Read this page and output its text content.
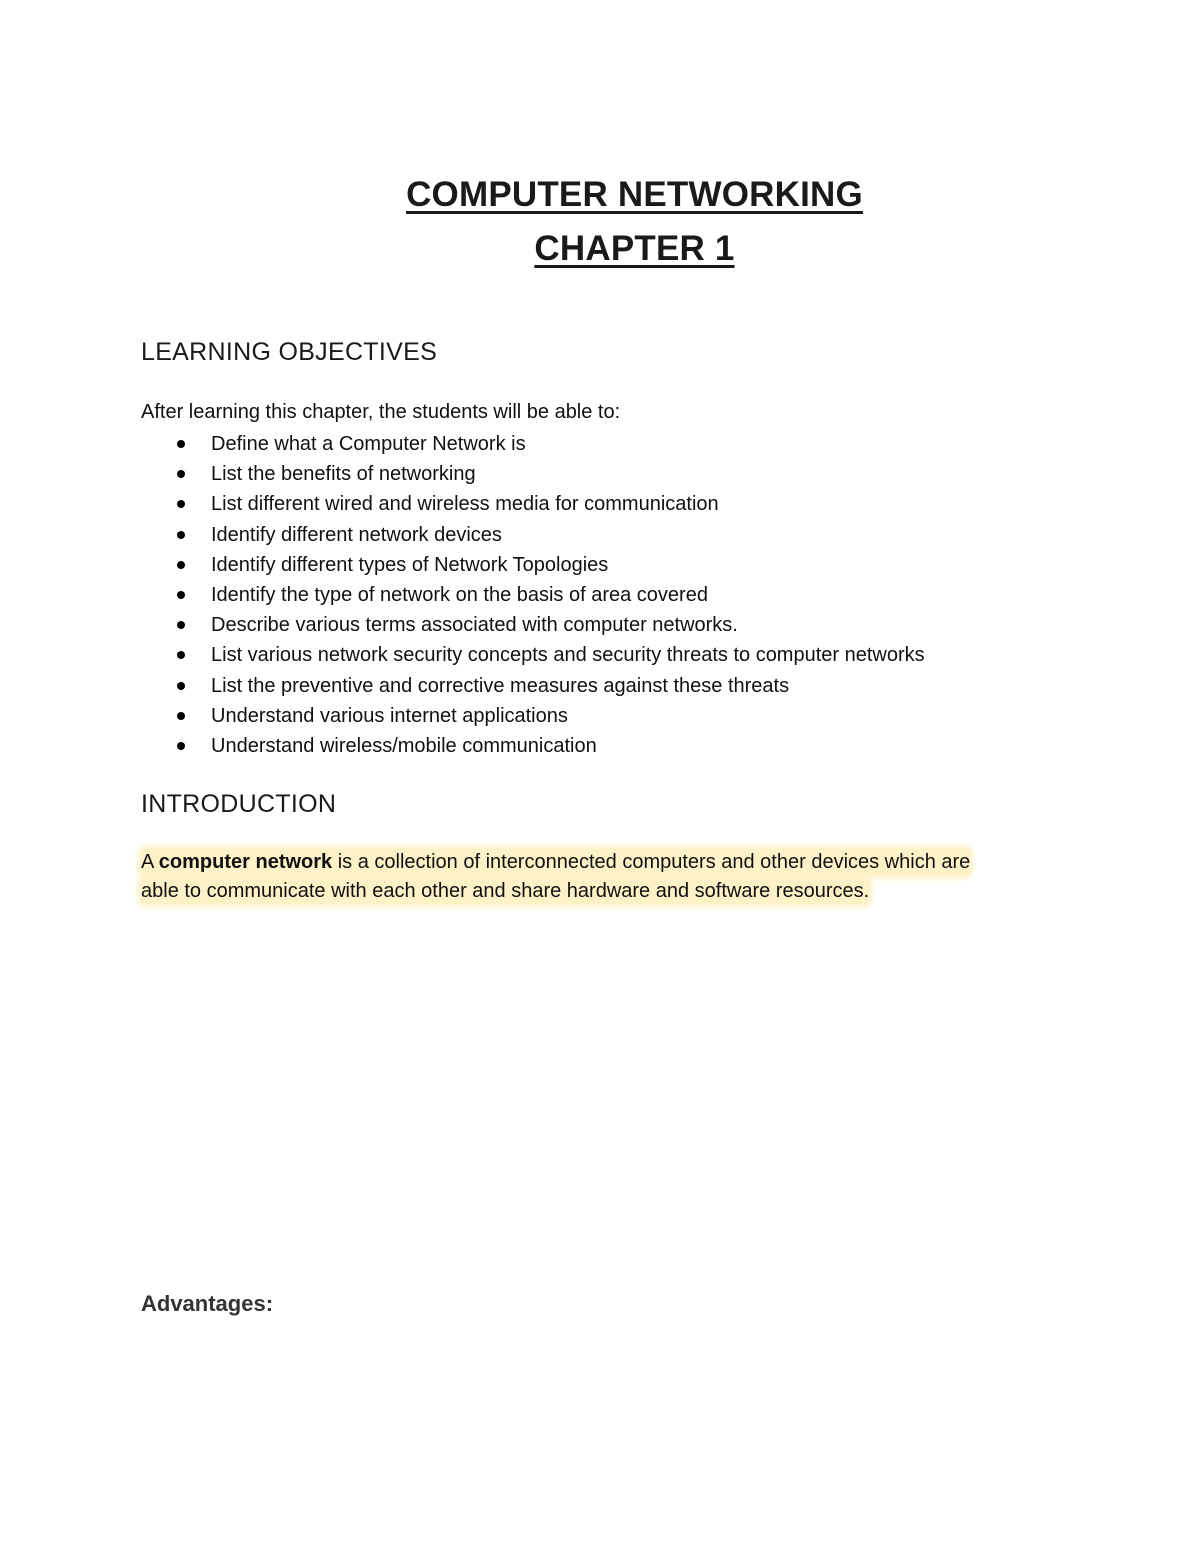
COMPUTER NETWORKING
CHAPTER 1
LEARNING OBJECTIVES
After learning this chapter, the students will be able to:
Define what a Computer Network is
List the benefits of networking
List different wired and wireless media for communication
Identify different network devices
Identify different types of Network Topologies
Identify the type of network on the basis of area covered
Describe various terms associated with computer networks.
List various network security concepts and security threats to computer networks
List the preventive and corrective measures against these threats
Understand various internet applications
Understand wireless/mobile communication
INTRODUCTION
A computer network is a collection of interconnected computers and other devices which are
able to communicate with each other and share hardware and software resources.
Advantages:
